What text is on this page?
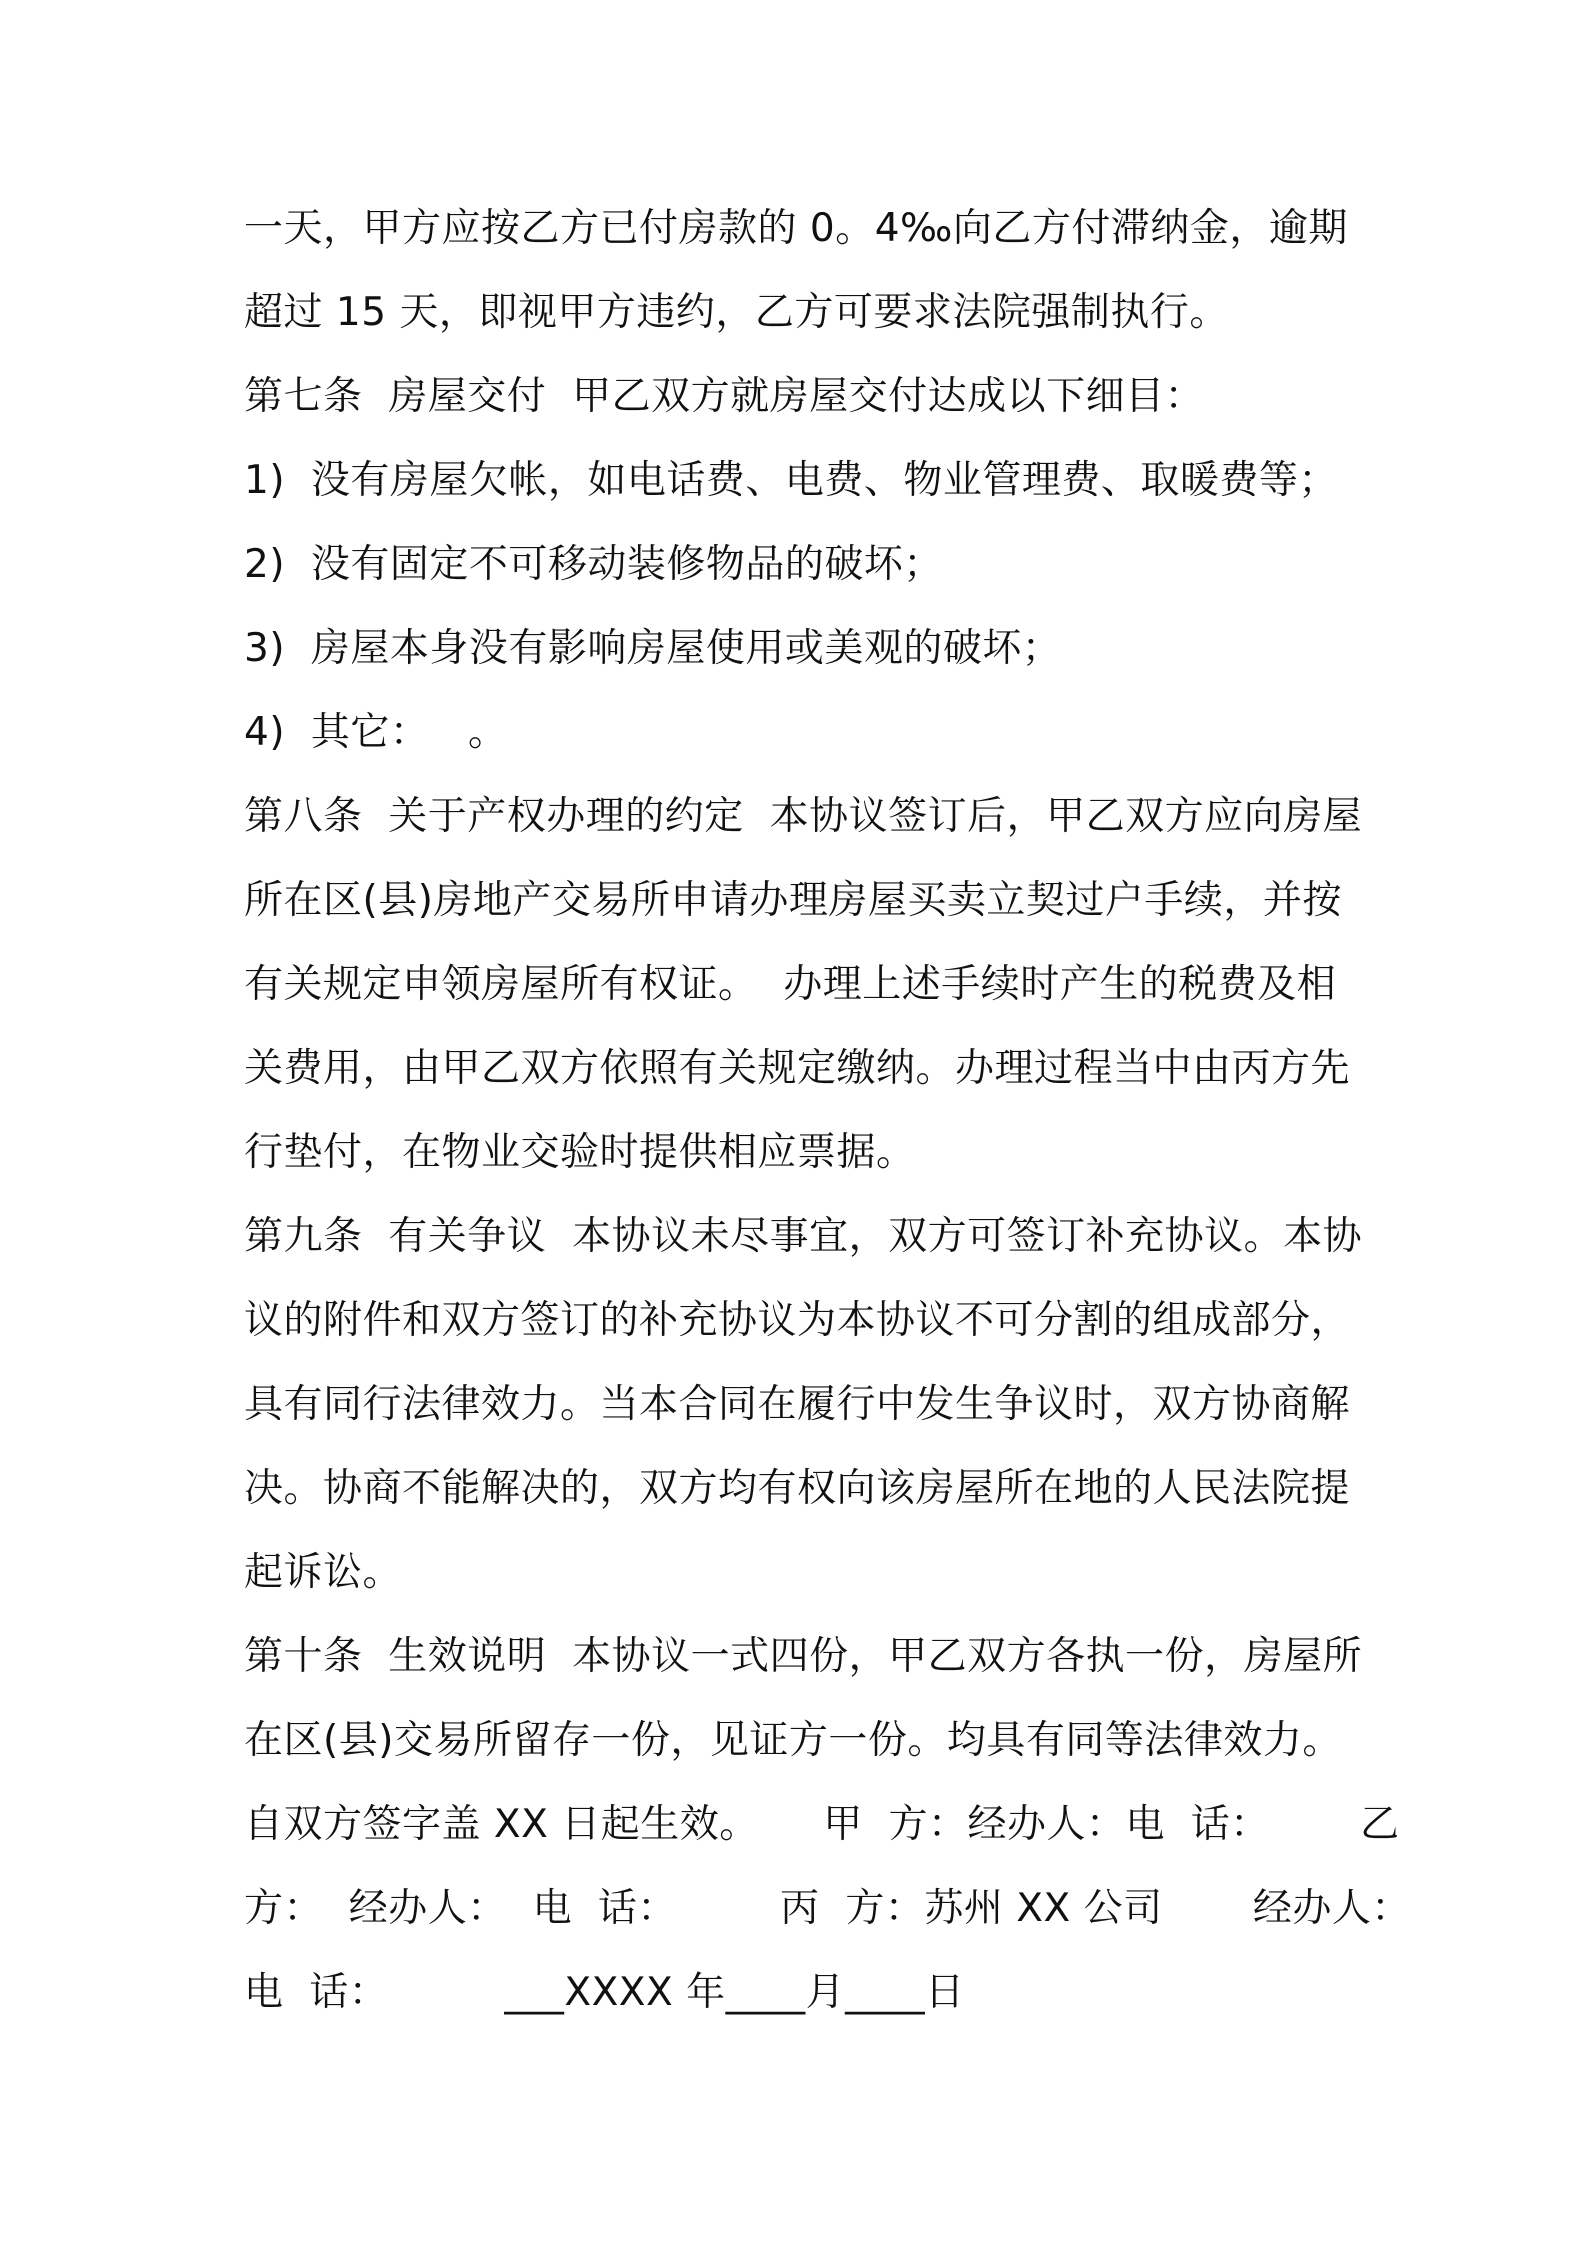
一天，甲方应按乙方已付房款的 0。4‰向乙方付滞纳金，逾期
超过 15 天，即视甲方违约，乙方可要求法院强制执行。
第七条  房屋交付  甲乙双方就房屋交付达成以下细目：
1)  没有房屋欠帐，如电话费、电费、物业管理费、取暖费等；
2)  没有固定不可移动装修物品的破坏；
3)  房屋本身没有影响房屋使用或美观的破坏；
4)  其它：   。
第八条  关于产权办理的约定  本协议签订后，甲乙双方应向房屋
所在区(县)房地产交易所申请办理房屋买卖立契过户手续，并按
有关规定申领房屋所有权证。  办理上述手续时产生的税费及相
关费用，由甲乙双方依照有关规定缴纳。办理过程当中由丙方先
行垫付，在物业交验时提供相应票据。
第九条  有关争议  本协议未尽事宜，双方可签订补充协议。本协
议的附件和双方签订的补充协议为本协议不可分割的组成部分，
具有同行法律效力。当本合同在履行中发生争议时，双方协商解
决。协商不能解决的，双方均有权向该房屋所在地的人民法院提
起诉讼。
第十条  生效说明  本协议一式四份，甲乙双方各执一份，房屋所
在区(县)交易所留存一份，见证方一份。均具有同等法律效力。
自双方签字盖 XX 日起生效。     甲  方：经办人：电  话：       乙
方：  经办人：  电  话：        丙  方：苏州 XX 公司       经办人：
电  话：         ___XXXX 年____月____日
